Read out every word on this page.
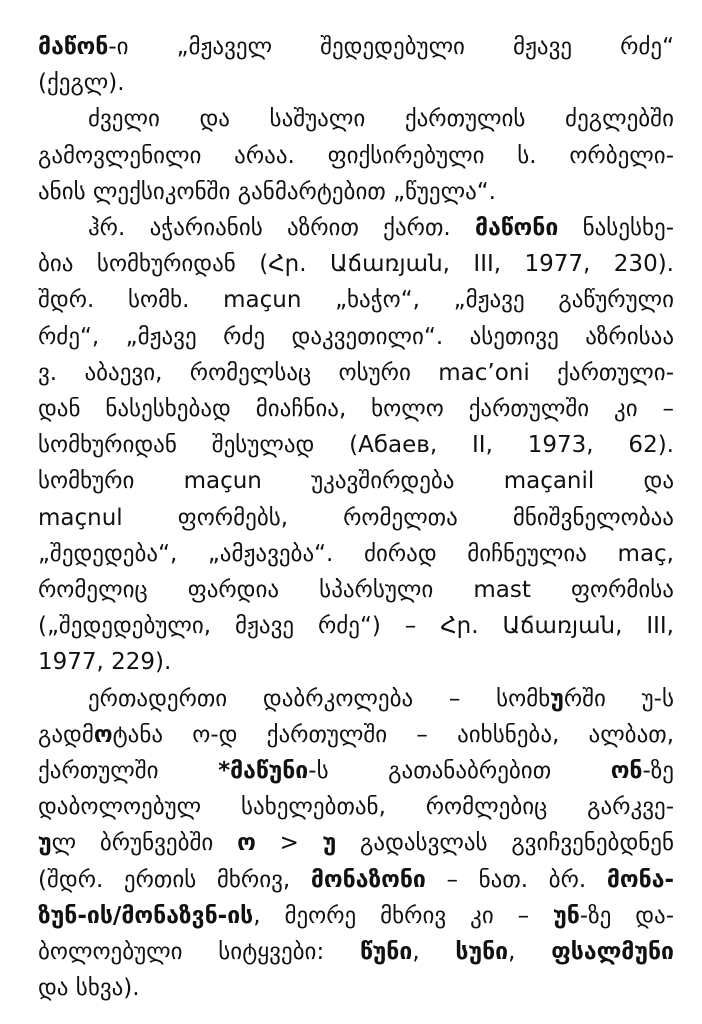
მაწონ-ი „მჟაველ შედედებული მჟავე რძე“
(ქეგლ).
ძველი და საშუალი ქართულის ძეგლებში
გამოვლენილი არაა. ფიქსირებული ს. ორბელი-
ანის ლექსიკონში განმარტებით „წუელა“.
ჰრ. აჭარიანის აზრით ქართ. მაწონი ნასესხე-
ბია სომხურიდან (Հր. Աճառյան, III, 1977, 230).
შდრ. სომხ. maçun „ხაჭო“, „მჟავე გაწურული
რძე“, „მჟავე რძე დაკვეთილი“. ასეთივე აზრისაა
ვ. აბაევი, რომელსაც ოსური mac’oni ქართული-
დან ნასესხებად მიაჩნია, ხოლო ქართულში კი –
სომხურიდან შესულად (Абаев, II, 1973, 62).
სომხური maçun უკავშირდება maçanil და
maçnul ფორმებს, რომელთა მნიშვნელობაა
„შედედება“, „ამჟავება“. ძირად მიჩნეულია maç,
რომელიც ფარდია სპარსული mast ფორმისა
(„შედედებული, მჟავე რძე“) – Հր. Աճառյան, III,
1977, 229).
ერთადერთი დაბრკოლება – სომხურში უ-ს
გადმოტანა ო-დ ქართულში – აიხსნება, ალბათ,
ქართულში *მაწუნი-ს გათანაბრებით ონ-ზე
დაბოლოებულ სახელებთან, რომლებიც გარკვე-
ულ ბრუნვებში ო > უ გადასვლას გვიჩვენებდნენ
(შდრ. ერთის მხრივ, მონაზონი – ნათ. ბრ. მონა-
ზუნ-ის/მონაზვნ-ის, მეორე მხრივ კი – უნ-ზე და-
ბოლოებული სიტყვები: წუნი, სუნი, ფსალმუნი
და სხვა).
